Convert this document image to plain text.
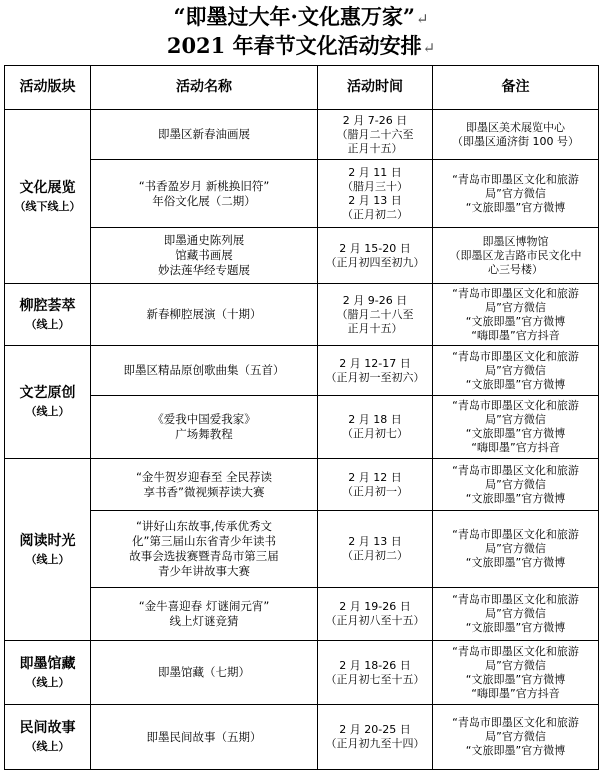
“即墨过大年·文化惠万家”↵
2021 年春节文化活动安排↵
活动版块	活动名称	活动时间	备注

文化展览
（线下线上）	即墨区新春油画展	2 月 7-26 日
（腊月二十六至
正月十五）	即墨区美术展览中心
（即墨区通济街 100 号）

	“书香盈岁月 新桃换旧符”
年俗文化展（二期）	2 月 11 日
（腊月三十）
2 月 13 日
（正月初二）	“青岛市即墨区文化和旅游
局”官方微信
“文旅即墨”官方微博

	即墨通史陈列展
馆藏书画展
妙法莲华经专题展	2 月 15-20 日
（正月初四至初九）	即墨区博物馆
（即墨区龙吉路市民文化中
心三号楼）

柳腔荟萃
（线上）	新春柳腔展演（十期）	2 月 9-26 日
（腊月二十八至
正月十五）	“青岛市即墨区文化和旅游
局”官方微信
“文旅即墨”官方微博
“嗨即墨”官方抖音

文艺原创
（线上）	即墨区精品原创歌曲集（五首）	2 月 12-17 日
（正月初一至初六）	“青岛市即墨区文化和旅游
局”官方微信
“文旅即墨”官方微博

	《爱我中国爱我家》
广场舞教程	2 月 18 日
（正月初七）	“青岛市即墨区文化和旅游
局”官方微信
“文旅即墨”官方微博
“嗨即墨”官方抖音

阅读时光
（线上）	“金牛贺岁迎春至 全民荐读
享书香”微视频荐读大赛	2 月 12 日
（正月初一）	“青岛市即墨区文化和旅游
局”官方微信
“文旅即墨”官方微博

	“讲好山东故事,传承优秀文
化”第三届山东省青少年读书
故事会选拔赛暨青岛市第三届
青少年讲故事大赛	2 月 13 日
（正月初二）	“青岛市即墨区文化和旅游
局”官方微信
“文旅即墨”官方微博

	“金牛喜迎春 灯谜闹元宵”
线上灯谜竞猜	2 月 19-26 日
（正月初八至十五）	“青岛市即墨区文化和旅游
局”官方微信
“文旅即墨”官方微博

即墨馆藏
（线上）	即墨馆藏（七期）	2 月 18-26 日
（正月初七至十五）	“青岛市即墨区文化和旅游
局”官方微信
“文旅即墨”官方微博
“嗨即墨”官方抖音

民间故事
（线上）	即墨民间故事（五期）	2 月 20-25 日
（正月初九至十四）	“青岛市即墨区文化和旅游
局”官方微信
“文旅即墨”官方微博
